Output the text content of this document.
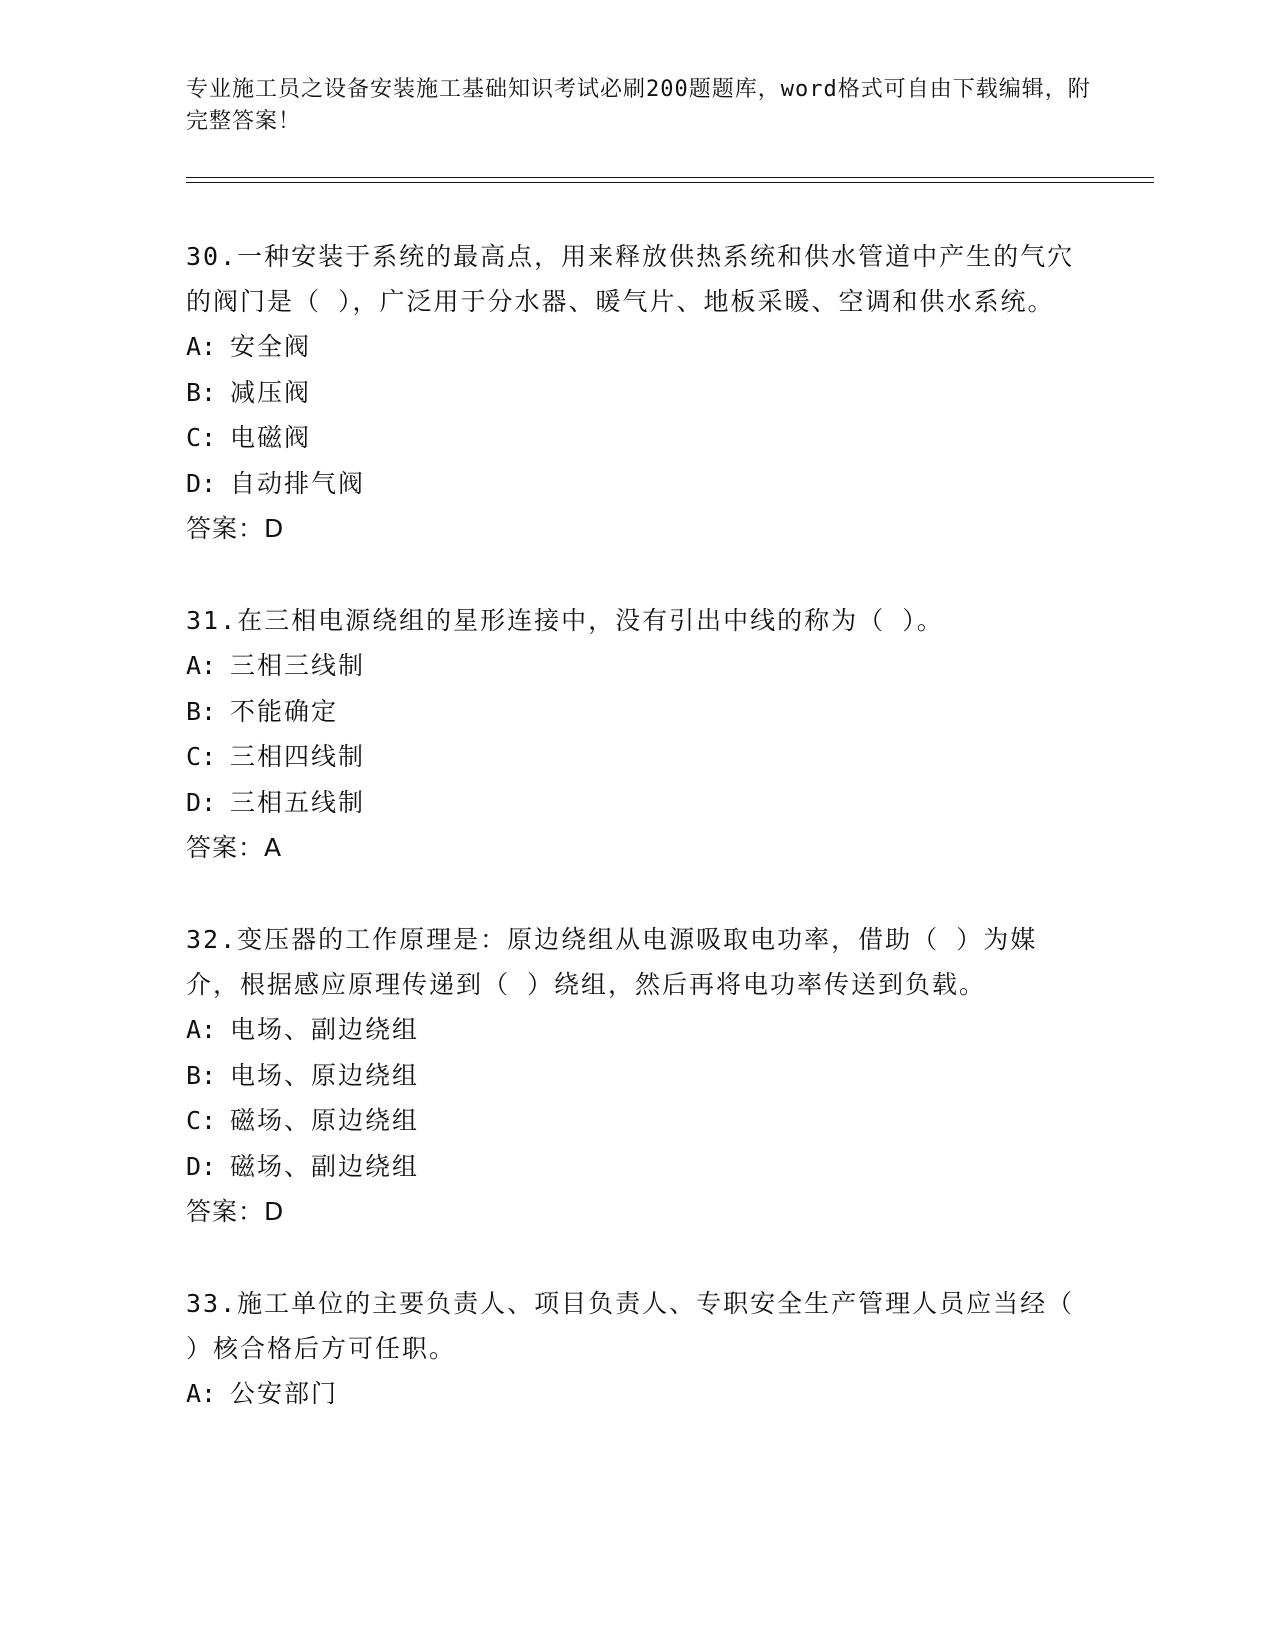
专业施工员之设备安装施工基础知识考试必刷200题题库，word格式可自由下载编辑，附完整答案！
30.一种安装于系统的最高点，用来释放供热系统和供水管道中产生的气穴的阀门是（ ），广泛用于分水器、暖气片、地板采暖、空调和供水系统。
A: 安全阀
B: 减压阀
C: 电磁阀
D: 自动排气阀
答案：D
31.在三相电源绕组的星形连接中，没有引出中线的称为（ ）。
A: 三相三线制
B: 不能确定
C: 三相四线制
D: 三相五线制
答案：A
32.变压器的工作原理是：原边绕组从电源吸取电功率，借助（ ）为媒介，根据感应原理传递到（ ）绕组，然后再将电功率传送到负载。
A: 电场、副边绕组
B: 电场、原边绕组
C: 磁场、原边绕组
D: 磁场、副边绕组
答案：D
33.施工单位的主要负责人、项目负责人、专职安全生产管理人员应当经（ ）核合格后方可任职。
A: 公安部门
